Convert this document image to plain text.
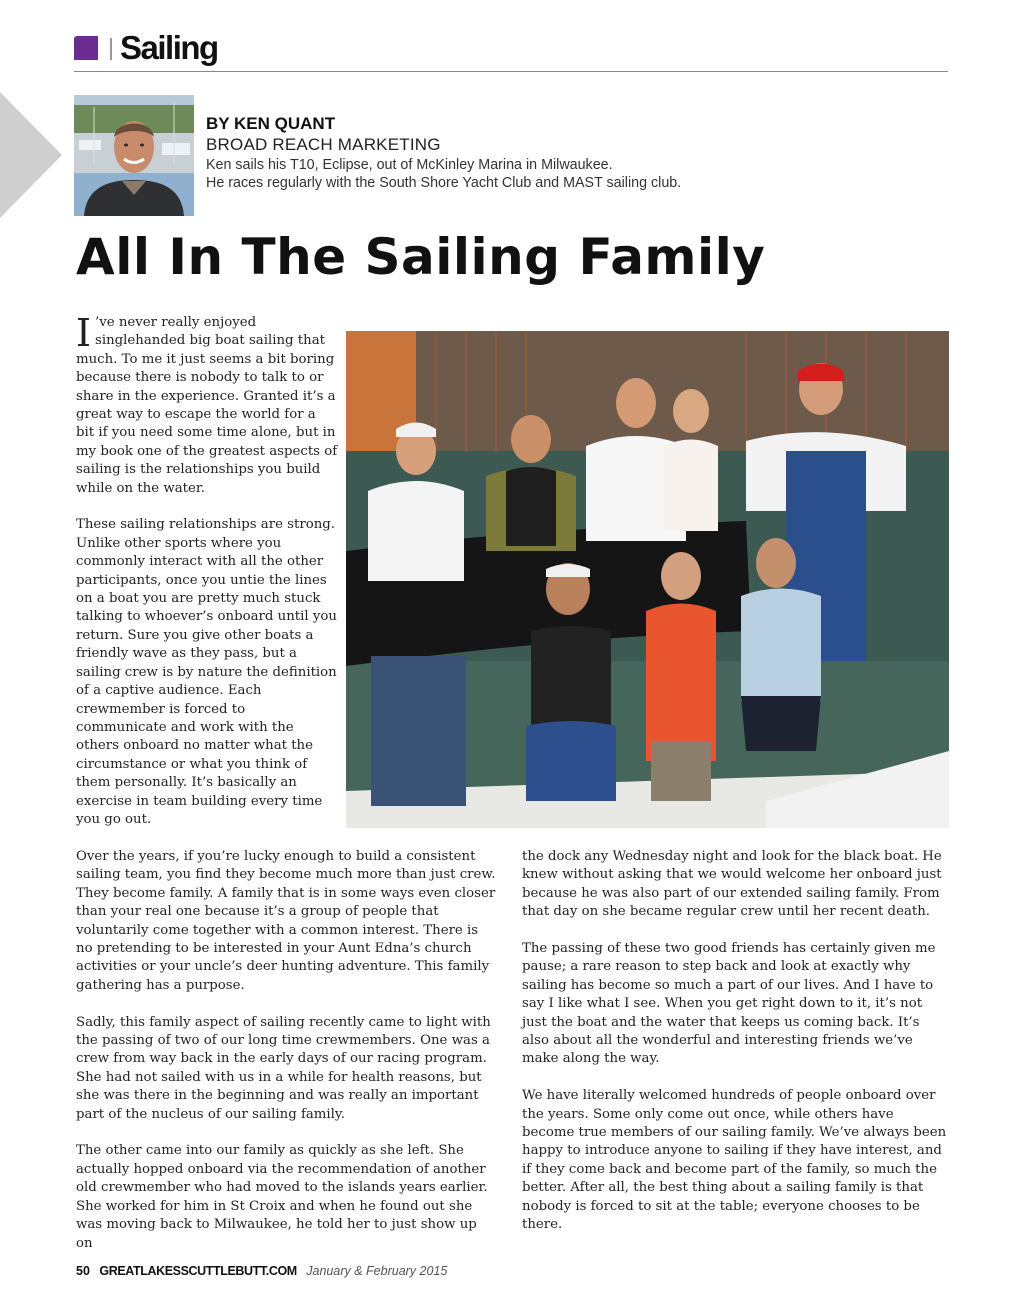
Sailing
BY KEN QUANT
BROAD REACH MARKETING
Ken sails his T10, Eclipse, out of McKinley Marina in Milwaukee.
He races regularly with the South Shore Yacht Club and MAST sailing club.
All In The Sailing Family

I ’ve never really enjoyed singlehanded big boat sailing that much. To me it just seems a bit boring because there is nobody to talk to or share in the experience. Granted it’s a great way to escape the world for a bit if you need some time alone, but in my book one of the greatest aspects of sailing is the relationships you build while on the water.

These sailing relationships are strong. Unlike other sports where you commonly interact with all the other participants, once you untie the lines on a boat you are pretty much stuck talking to whoever’s onboard until you return. Sure you give other boats a friendly wave as they pass, but a sailing crew is by nature the definition of a captive audience. Each crewmember is forced to communicate and work with the others onboard no matter what the circumstance or what you think of them personally. It’s basically an exercise in team building every time you go out.

Over the years, if you’re lucky enough to build a consistent sailing team, you find they become much more than just crew. They become family. A family that is in some ways even closer than your real one because it’s a group of people that voluntarily come together with a common interest. There is no pretending to be interested in your Aunt Edna’s church activities or your uncle’s deer hunting adventure. This family gathering has a purpose.

Sadly, this family aspect of sailing recently came to light with the passing of two of our long time crewmembers. One was a crew from way back in the early days of our racing program. She had not sailed with us in a while for health reasons, but she was there in the beginning and was really an important part of the nucleus of our sailing family.

The other came into our family as quickly as she left. She actually hopped onboard via the recommendation of another old crewmember who had moved to the islands years earlier. She worked for him in St Croix and when he found out she was moving back to Milwaukee, he told her to just show up on

the dock any Wednesday night and look for the black boat. He knew without asking that we would welcome her onboard just because he was also part of our extended sailing family. From that day on she became regular crew until her recent death.

The passing of these two good friends has certainly given me pause; a rare reason to step back and look at exactly why sailing has become so much a part of our lives. And I have to say I like what I see. When you get right down to it, it’s not just the boat and the water that keeps us coming back. It’s also about all the wonderful and interesting friends we’ve make along the way.

We have literally welcomed hundreds of people onboard over the years. Some only come out once, while others have become true members of our sailing family. We’ve always been happy to introduce anyone to sailing if they have interest, and if they come back and become part of the family, so much the better. After all, the best thing about a sailing family is that nobody is forced to sit at the table; everyone chooses to be there.

50 GREATLAKESSCUTTLEBUTT.COM January & February 2015
